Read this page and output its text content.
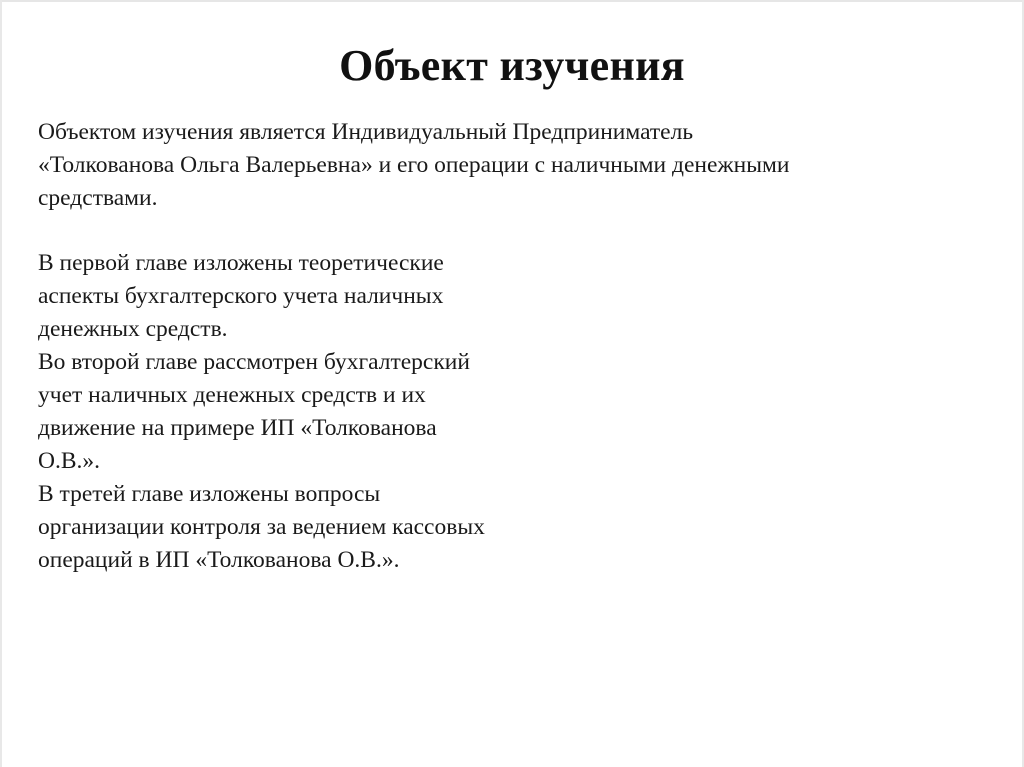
Объект изучения
Объектом изучения является Индивидуальный Предприниматель
«Толкованова Ольга Валерьевна» и его операции с наличными денежными
средствами.
В первой главе изложены теоретические
аспекты бухгалтерского учета наличных
денежных средств.
Во второй главе рассмотрен бухгалтерский
учет наличных денежных средств и их
движение на примере ИП «Толкованова
О.В.».
В третей главе изложены вопросы
организации контроля за ведением кассовых
операций в ИП «Толкованова О.В.».
